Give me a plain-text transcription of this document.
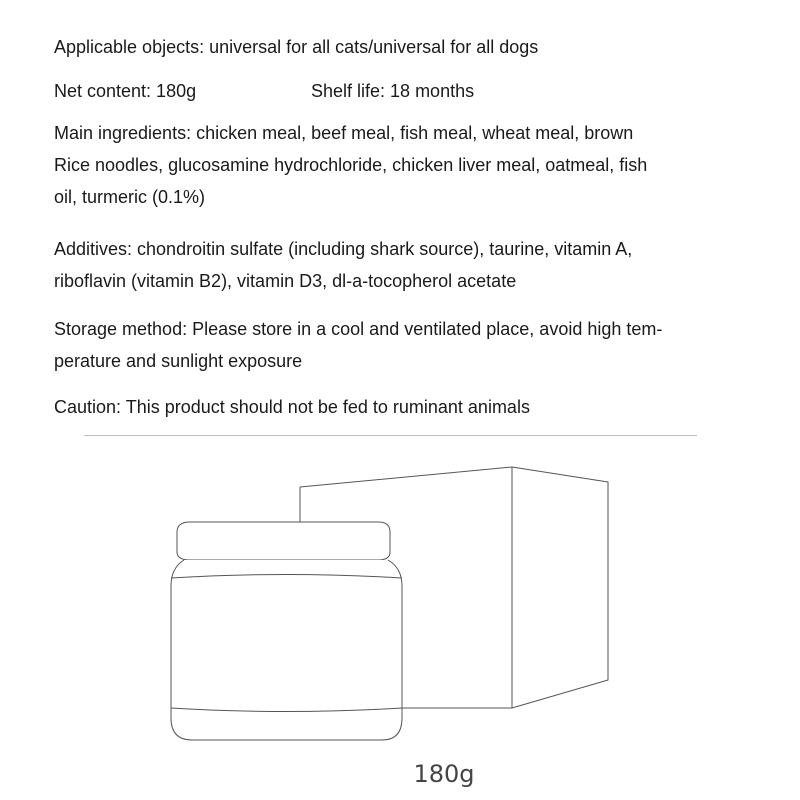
Applicable objects: universal for all cats/universal for all dogs
Net content: 180g	Shelf life: 18 months
Main ingredients: chicken meal, beef meal, fish meal, wheat meal, brown
Rice noodles, glucosamine hydrochloride, chicken liver meal, oatmeal, fish
oil, turmeric (0.1%)
Additives: chondroitin sulfate (including shark source), taurine, vitamin A,
riboflavin (vitamin B2), vitamin D3, dl-a-tocopherol acetate
Storage method: Please store in a cool and ventilated place, avoid high tem-
perature and sunlight exposure
Caution: This product should not be fed to ruminant animals
180g
